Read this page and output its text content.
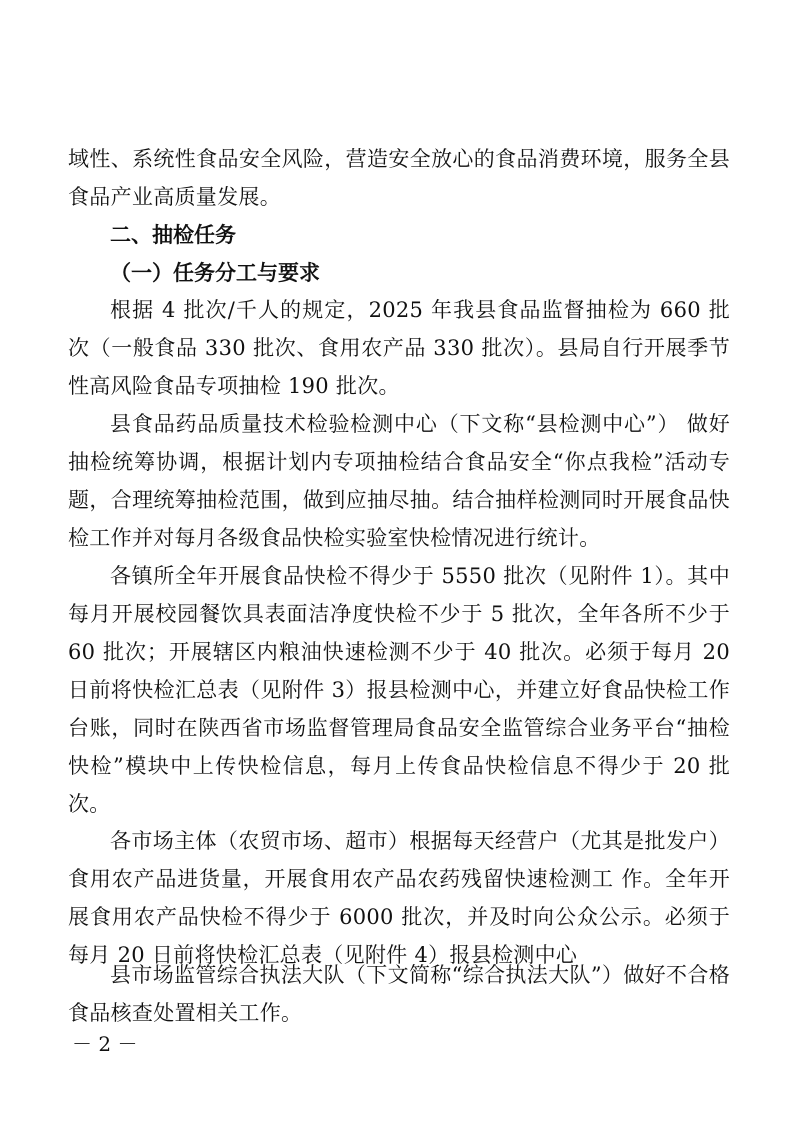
域性、系统性食品安全风险，营造安全放心的食品消费环境，服务全县食品产业高质量发展。

二、抽检任务
（一）任务分工与要求

根据 4 批次/千人的规定，2025 年我县食品监督抽检为 660 批次（一般食品 330 批次、食用农产品 330 批次）。县局自行开展季节性高风险食品专项抽检 190 批次。

县食品药品质量技术检验检测中心（下文称“县检测中心”） 做好抽检统筹协调，根据计划内专项抽检结合食品安全“你点我检”活动专题，合理统筹抽检范围，做到应抽尽抽。结合抽样检测同时开展食品快检工作并对每月各级食品快检实验室快检情况进行统计。

各镇所全年开展食品快检不得少于 5550 批次（见附件 1）。其中每月开展校园餐饮具表面洁净度快检不少于 5 批次，全年各所不少于 60 批次；开展辖区内粮油快速检测不少于 40 批次。必须于每月 20 日前将快检汇总表（见附件 3）报县检测中心，并建立好食品快检工作台账，同时在陕西省市场监督管理局食品安全监管综合业务平台“抽检快检”模块中上传快检信息，每月上传食品快检信息不得少于 20 批次。

各市场主体（农贸市场、超市）根据每天经营户（尤其是批发户）食用农产品进货量，开展食用农产品农药残留快速检测工 作。全年开展食用农产品快检不得少于 6000 批次，并及时向公众公示。必须于每月 20 日前将快检汇总表（见附件 4）报县检测中心

县市场监管综合执法大队（下文简称“综合执法大队”）做好不合格食品核查处置相关工作。

－ 2 －
